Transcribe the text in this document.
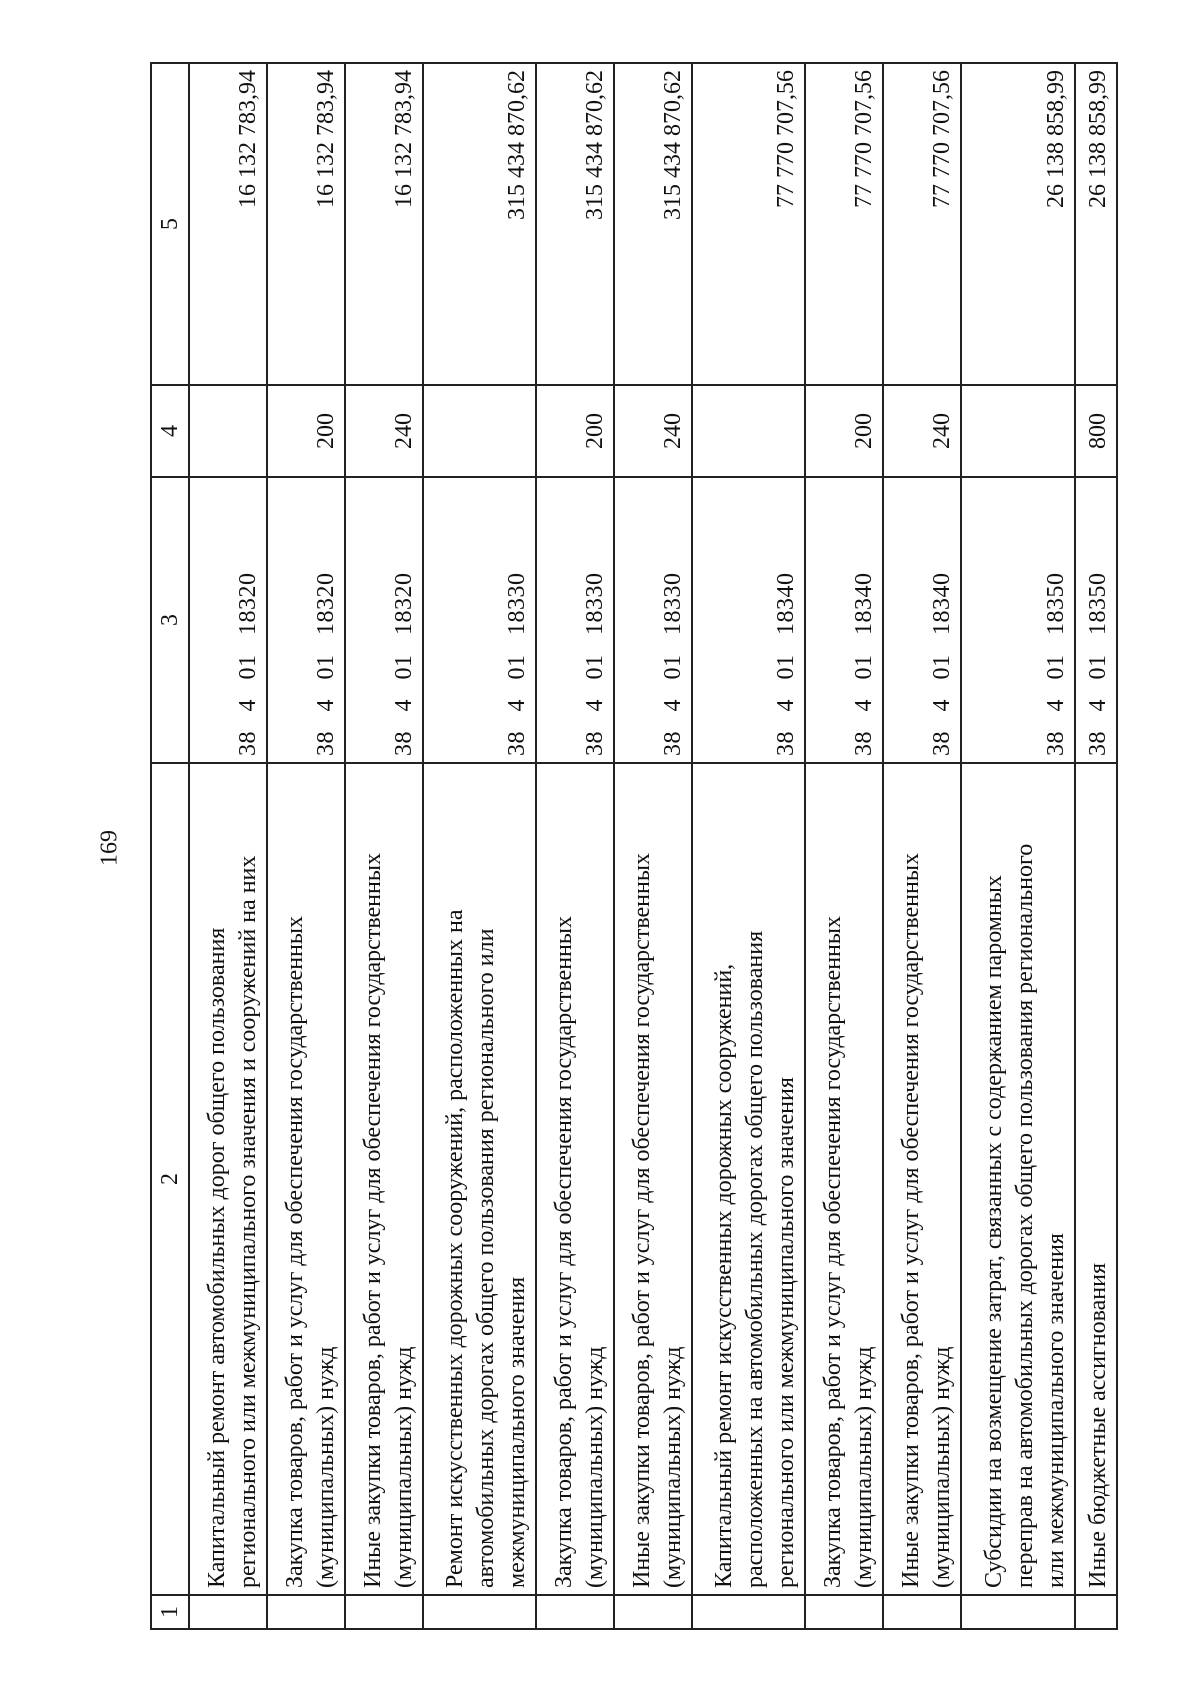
169
1	2	3	4	5

	Капитальный ремонт автомобильных дорог общего пользования регионального или межмуниципального значения и сооружений на них	38   4   01   18320		16 132 783,94

	Закупка товаров, работ и услуг для обеспечения государственных (муниципальных) нужд	38   4   01   18320	200	16 132 783,94

	Иные закупки товаров, работ и услуг для обеспечения государственных (муниципальных) нужд	38   4   01   18320	240	16 132 783,94

	Ремонт искусственных дорожных сооружений, расположенных на автомобильных дорогах общего пользования регионального или межмуниципального значения	38   4   01   18330		315 434 870,62

	Закупка товаров, работ и услуг для обеспечения государственных (муниципальных) нужд	38   4   01   18330	200	315 434 870,62

	Иные закупки товаров, работ и услуг для обеспечения государственных (муниципальных) нужд	38   4   01   18330	240	315 434 870,62

	Капитальный ремонт искусственных дорожных сооружений, расположенных на автомобильных дорогах общего пользования регионального или межмуниципального значения	38   4   01   18340		77 770 707,56

	Закупка товаров, работ и услуг для обеспечения государственных (муниципальных) нужд	38   4   01   18340	200	77 770 707,56

	Иные закупки товаров, работ и услуг для обеспечения государственных (муниципальных) нужд	38   4   01   18340	240	77 770 707,56

	Субсидии на возмещение затрат, связанных с содержанием паромных переправ на автомобильных дорогах общего пользования регионального или межмуниципального значения	38   4   01   18350		26 138 858,99

	Иные бюджетные ассигнования	38   4   01   18350	800	26 138 858,99
